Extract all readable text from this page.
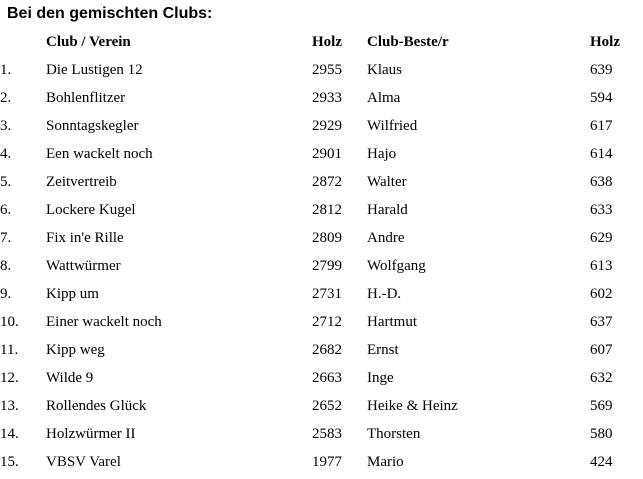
Bei den gemischten Clubs:
	Club / Verein	Holz	Club-Beste/r	Holz
1.	Die Lustigen 12	2955	Klaus	639
2.	Bohlenflitzer	2933	Alma	594
3.	Sonntagskegler	2929	Wilfried	617
4.	Een wackelt noch	2901	Hajo	614
5.	Zeitvertreib	2872	Walter	638
6.	Lockere Kugel	2812	Harald	633
7.	Fix in'e Rille	2809	Andre	629
8.	Wattwürmer	2799	Wolfgang	613
9.	Kipp um	2731	H.-D.	602
10.	Einer wackelt noch	2712	Hartmut	637
11.	Kipp weg	2682	Ernst	607
12.	Wilde 9	2663	Inge	632
13.	Rollendes Glück	2652	Heike & Heinz	569
14.	Holzwürmer II	2583	Thorsten	580
15.	VBSV Varel	1977	Mario	424
